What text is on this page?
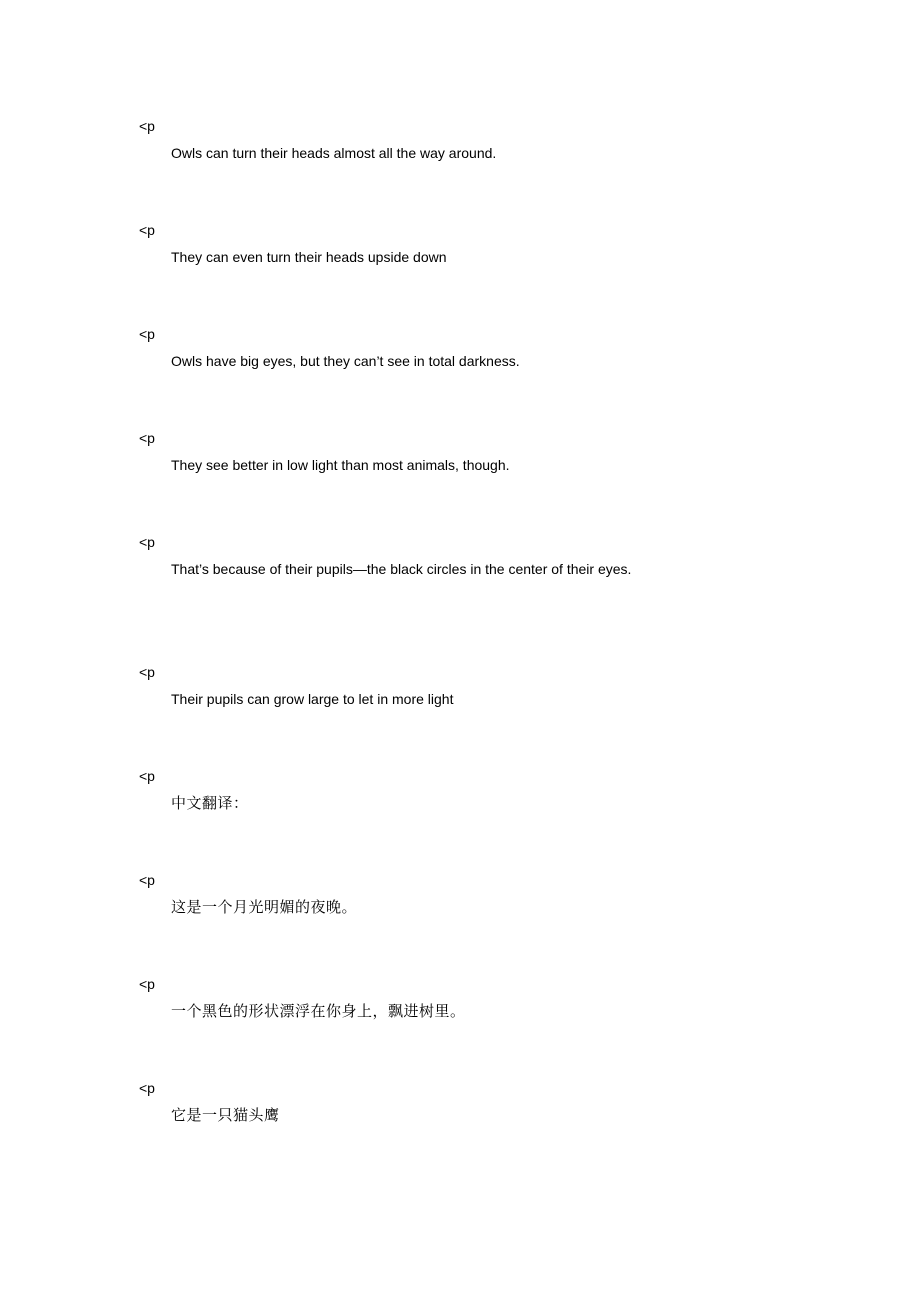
<p
Owls can turn their heads almost all the way around.
<p
They can even turn their heads upside down
<p
Owls have big eyes, but they can’t see in total darkness.
<p
They see better in low light than most animals, though.
<p
That’s because of their pupils—the black circles in the center of their eyes.
<p
Their pupils can grow large to let in more light
<p
中文翻译：
<p
这是一个月光明媚的夜晚。
<p
一个黑色的形状漂浮在你身上，飘进树里。
<p
它是一只猫头鹰
